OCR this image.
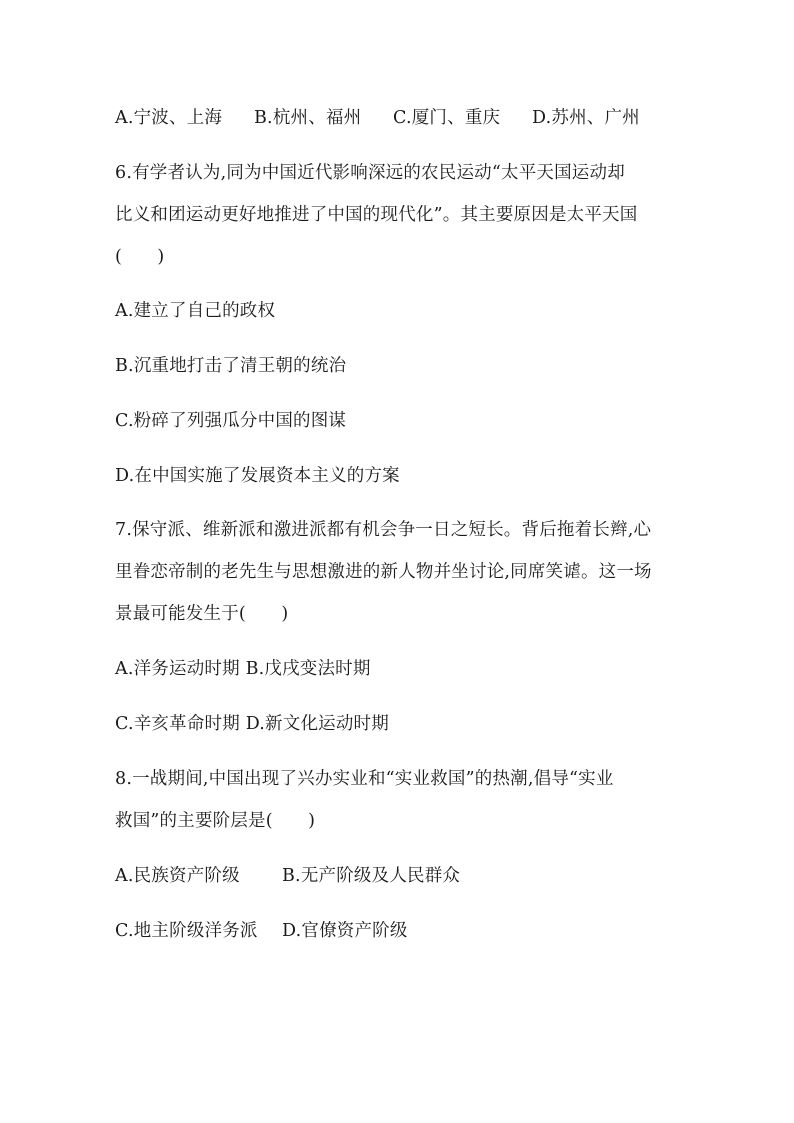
A.宁波、上海 B.杭州、福州 C.厦门、重庆 D.苏州、广州
6.有学者认为,同为中国近代影响深远的农民运动“太平天国运动却
比义和团运动更好地推进了中国的现代化”。其主要原因是太平天国
(　　)
A.建立了自己的政权
B.沉重地打击了清王朝的统治
C.粉碎了列强瓜分中国的图谋
D.在中国实施了发展资本主义的方案
7.保守派、维新派和激进派都有机会争一日之短长。背后拖着长辫,心
里眷恋帝制的老先生与思想激进的新人物并坐讨论,同席笑谑。这一场
景最可能发生于(　　)
A.洋务运动时期 B.戊戌变法时期
C.辛亥革命时期 D.新文化运动时期
8.一战期间,中国出现了兴办实业和“实业救国”的热潮,倡导“实业
救国”的主要阶层是(　　)
A.民族资产阶级 B.无产阶级及人民群众
C.地主阶级洋务派 D.官僚资产阶级
